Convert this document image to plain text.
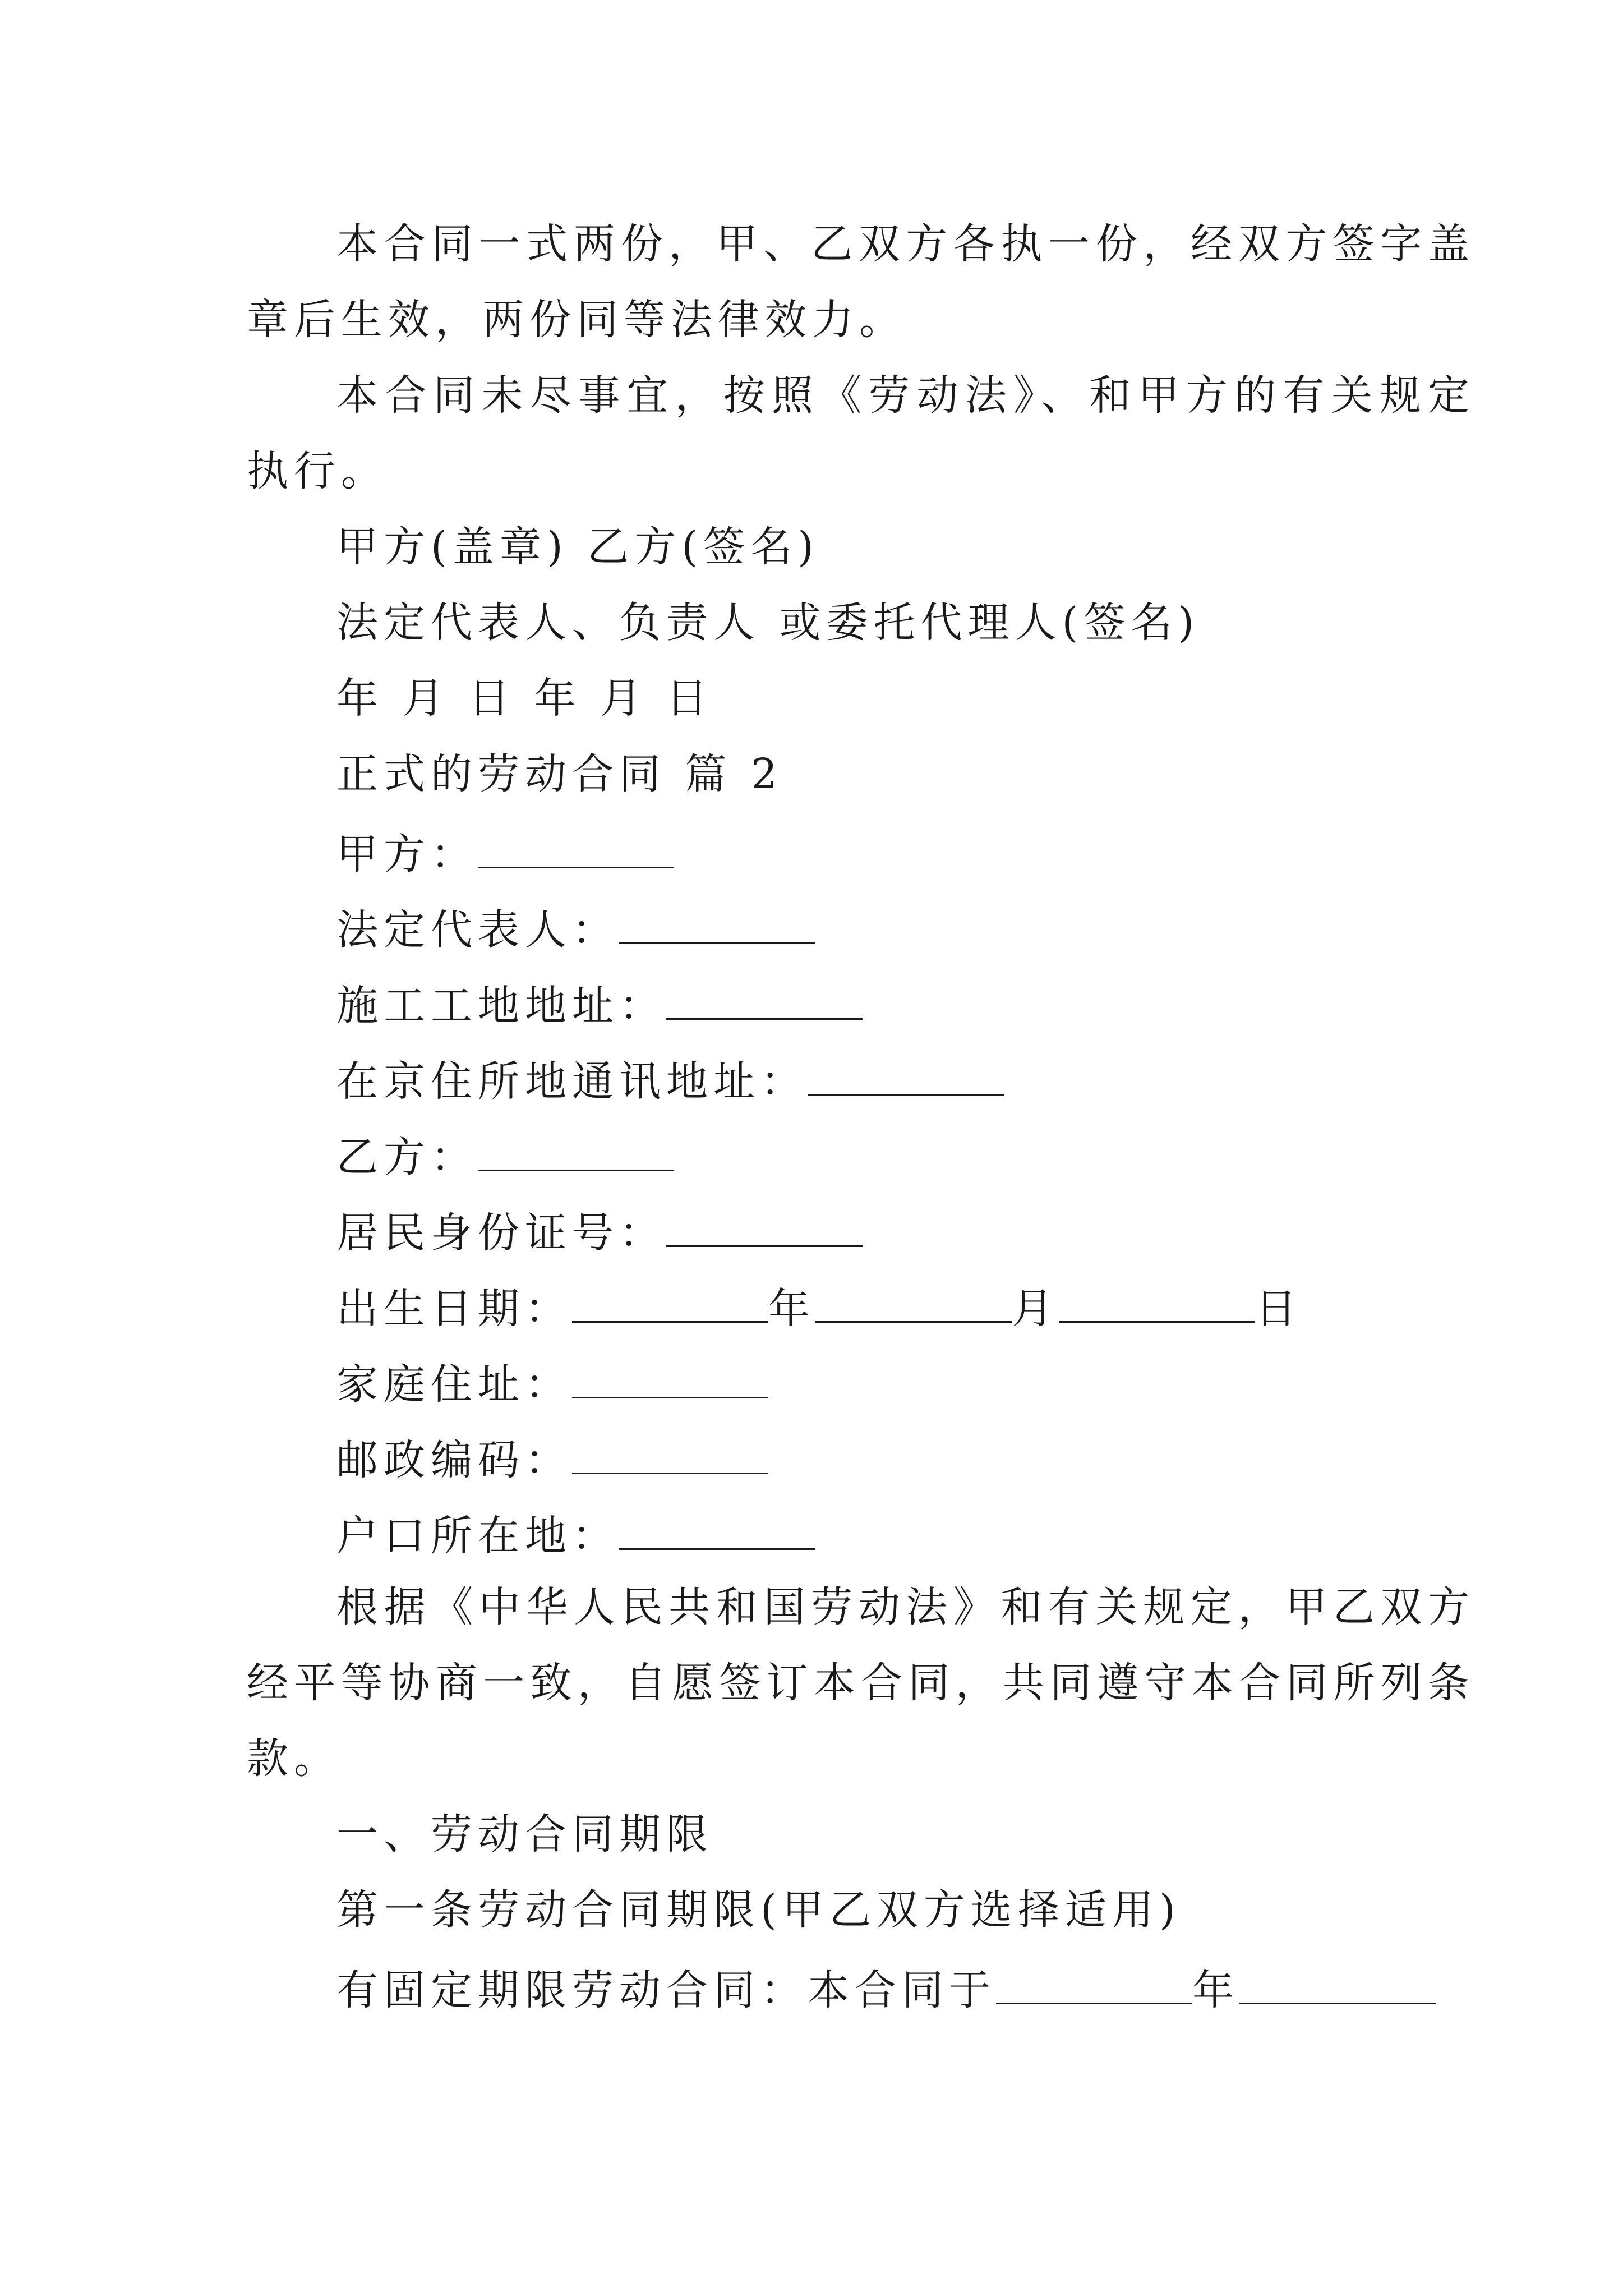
本合同一式两份，甲、乙双方各执一份，经双方签字盖
章后生效，两份同等法律效力。
本合同未尽事宜，按照《劳动法》、和甲方的有关规定
执行。
甲方(盖章) 乙方(签名)
法定代表人、负责人 或委托代理人(签名)
年 月 日 年 月 日
正式的劳动合同 篇 2
甲方：
法定代表人：
施工工地地址：
在京住所地通讯地址：
乙方：
居民身份证号：
出生日期：	年	月	日
家庭住址：
邮政编码：
户口所在地：
根据《中华人民共和国劳动法》和有关规定，甲乙双方
经平等协商一致，自愿签订本合同，共同遵守本合同所列条
款。
一、劳动合同期限
第一条劳动合同期限(甲乙双方选择适用)
有固定期限劳动合同：本合同于	年
